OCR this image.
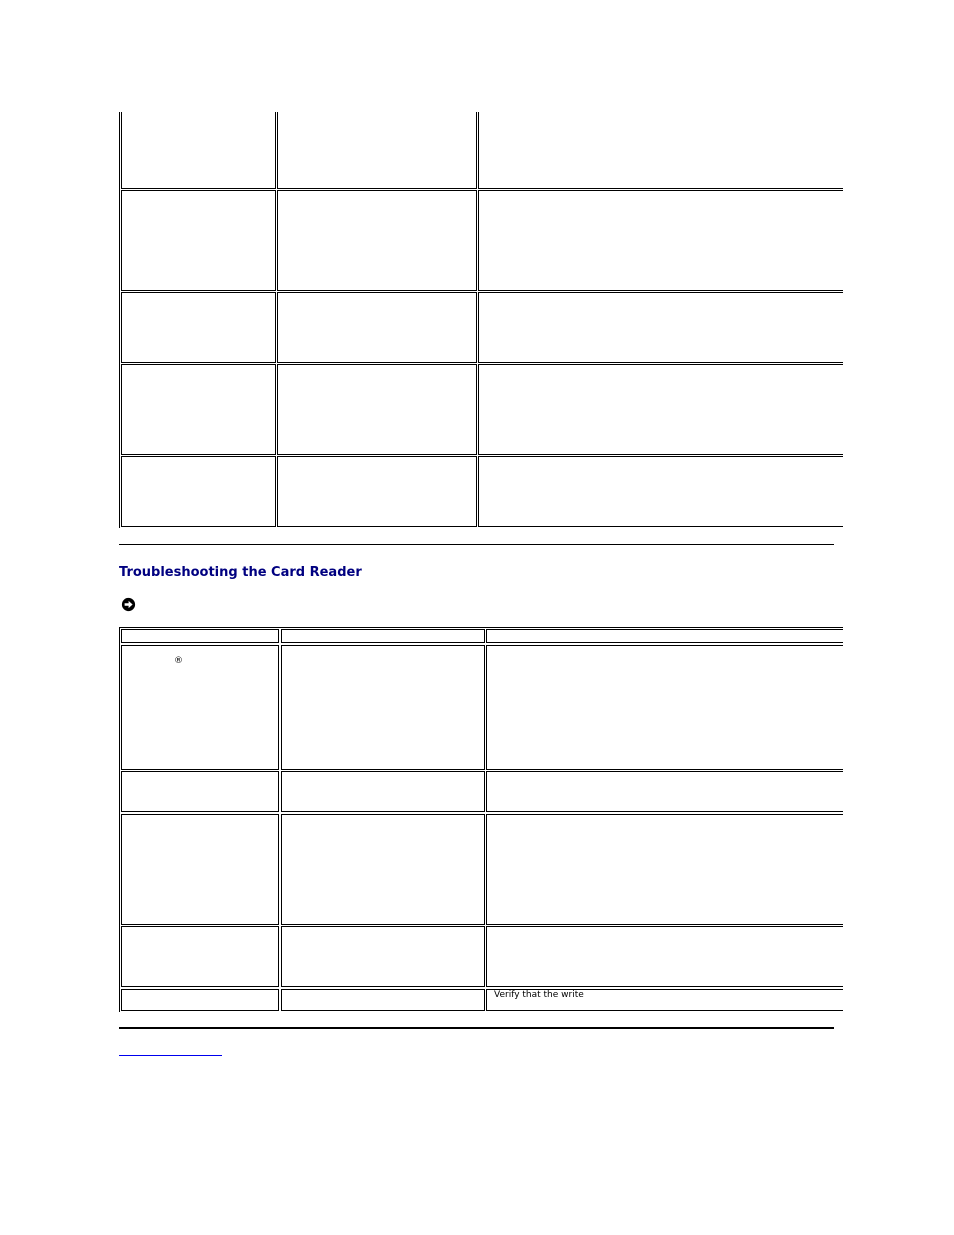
Troubleshooting the Card Reader
®
Verify that the write
